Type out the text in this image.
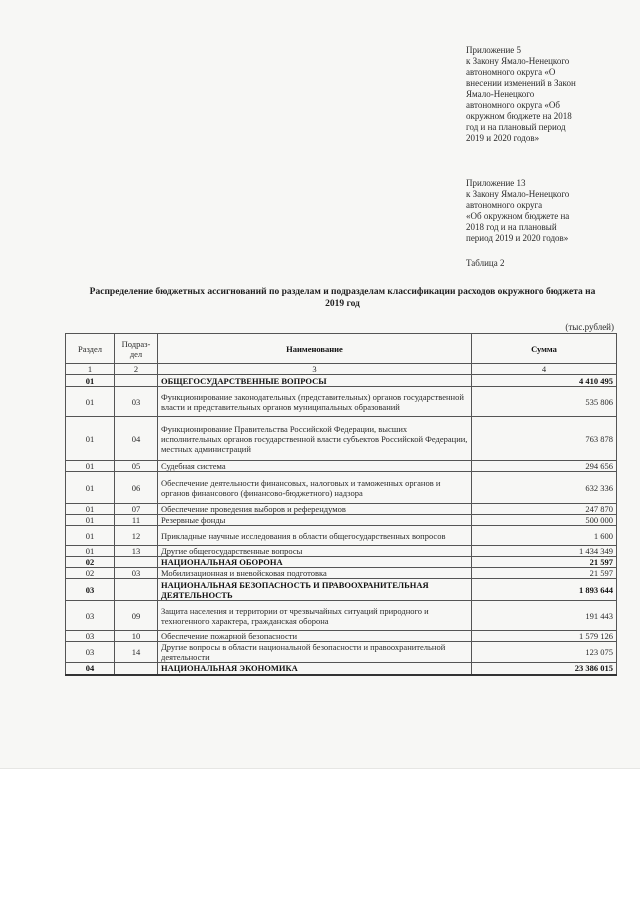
Приложение 5
к Закону Ямало-Ненецкого
автономного округа «О
внесении изменений в Закон
Ямало-Ненецкого
автономного округа «Об
окружном бюджете на 2018
год и на плановый период
2019 и 2020 годов»
Приложение 13
к Закону Ямало-Ненецкого
автономного округа
«Об окружном бюджете на
2018 год и на плановый
период 2019 и 2020 годов»
Таблица 2
Распределение бюджетных ассигнований по разделам и подразделам классификации расходов окружного бюджета на 2019 год
(тыс.рублей)
Раздел	Подраз-дел	Наименование	Сумма
1	2	3	4
01		ОБЩЕГОСУДАРСТВЕННЫЕ ВОПРОСЫ	4 410 495
01	03	Функционирование законодательных (представительных) органов государственной власти и представительных органов муниципальных образований	535 806
01	04	Функционирование Правительства Российской Федерации, высших исполнительных органов государственной власти субъектов Российской Федерации, местных администраций	763 878
01	05	Судебная система	294 656
01	06	Обеспечение деятельности финансовых, налоговых и таможенных органов и органов финансового (финансово-бюджетного) надзора	632 336
01	07	Обеспечение проведения выборов и референдумов	247 870
01	11	Резервные фонды	500 000
01	12	Прикладные научные исследования в области общегосударственных вопросов	1 600
01	13	Другие общегосударственные вопросы	1 434 349
02		НАЦИОНАЛЬНАЯ ОБОРОНА	21 597
02	03	Мобилизационная и вневойсковая подготовка	21 597
03		НАЦИОНАЛЬНАЯ БЕЗОПАСНОСТЬ И ПРАВООХРАНИТЕЛЬНАЯ ДЕЯТЕЛЬНОСТЬ	1 893 644
03	09	Защита населения и территории от чрезвычайных ситуаций природного и техногенного характера, гражданская оборона	191 443
03	10	Обеспечение пожарной безопасности	1 579 126
03	14	Другие вопросы в области национальной безопасности и правоохранительной деятельности	123 075
04		НАЦИОНАЛЬНАЯ ЭКОНОМИКА	23 386 015
